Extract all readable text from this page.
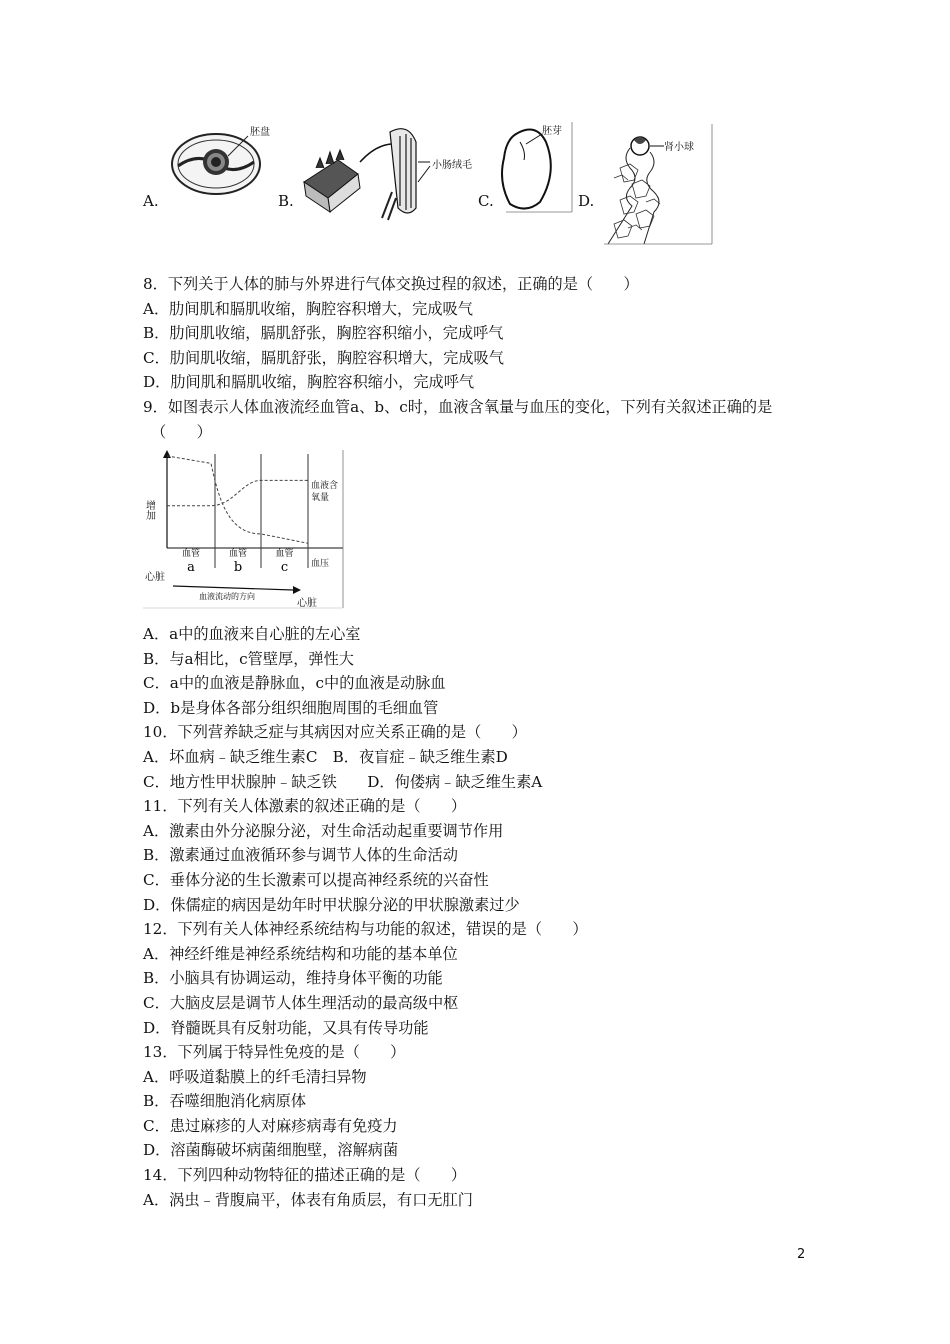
A.
胚盘
B.
小肠绒毛
C.
胚芽
D.
肾小球
8．下列关于人体的肺与外界进行气体交换过程的叙述，正确的是（　　）
A．肋间肌和膈肌收缩，胸腔容积增大，完成吸气
B．肋间肌收缩，膈肌舒张，胸腔容积缩小，完成呼气
C．肋间肌收缩，膈肌舒张，胸腔容积增大，完成吸气
D．肋间肌和膈肌收缩，胸腔容积缩小，完成呼气
9．如图表示人体血液流经血管a、b、c时，血液含氧量与血压的变化，下列有关叙述正确的是
（　　）
增加
血液含氧量
血压
血管
a
血管
b
血管
c
心脏
心脏
血液流动的方向
A．a中的血液来自心脏的左心室
B．与a相比，c管壁厚，弹性大
C．a中的血液是静脉血，c中的血液是动脉血
D．b是身体各部分组织细胞周围的毛细血管
10．下列营养缺乏症与其病因对应关系正确的是（　　）
A．坏血病﹣缺乏维生素C　B．夜盲症﹣缺乏维生素D
C．地方性甲状腺肿﹣缺乏铁　　D．佝偻病﹣缺乏维生素A
11．下列有关人体激素的叙述正确的是（　　）
A．激素由外分泌腺分泌，对生命活动起重要调节作用
B．激素通过血液循环参与调节人体的生命活动
C．垂体分泌的生长激素可以提高神经系统的兴奋性
D．侏儒症的病因是幼年时甲状腺分泌的甲状腺激素过少
12．下列有关人体神经系统结构与功能的叙述，错误的是（　　）
A．神经纤维是神经系统结构和功能的基本单位
B．小脑具有协调运动，维持身体平衡的功能
C．大脑皮层是调节人体生理活动的最高级中枢
D．脊髓既具有反射功能，又具有传导功能
13．下列属于特异性免疫的是（　　）
A．呼吸道黏膜上的纤毛清扫异物
B．吞噬细胞消化病原体
C．患过麻疹的人对麻疹病毒有免疫力
D．溶菌酶破坏病菌细胞壁，溶解病菌
14．下列四种动物特征的描述正确的是（　　）
A．涡虫﹣背腹扁平，体表有角质层，有口无肛门
2
